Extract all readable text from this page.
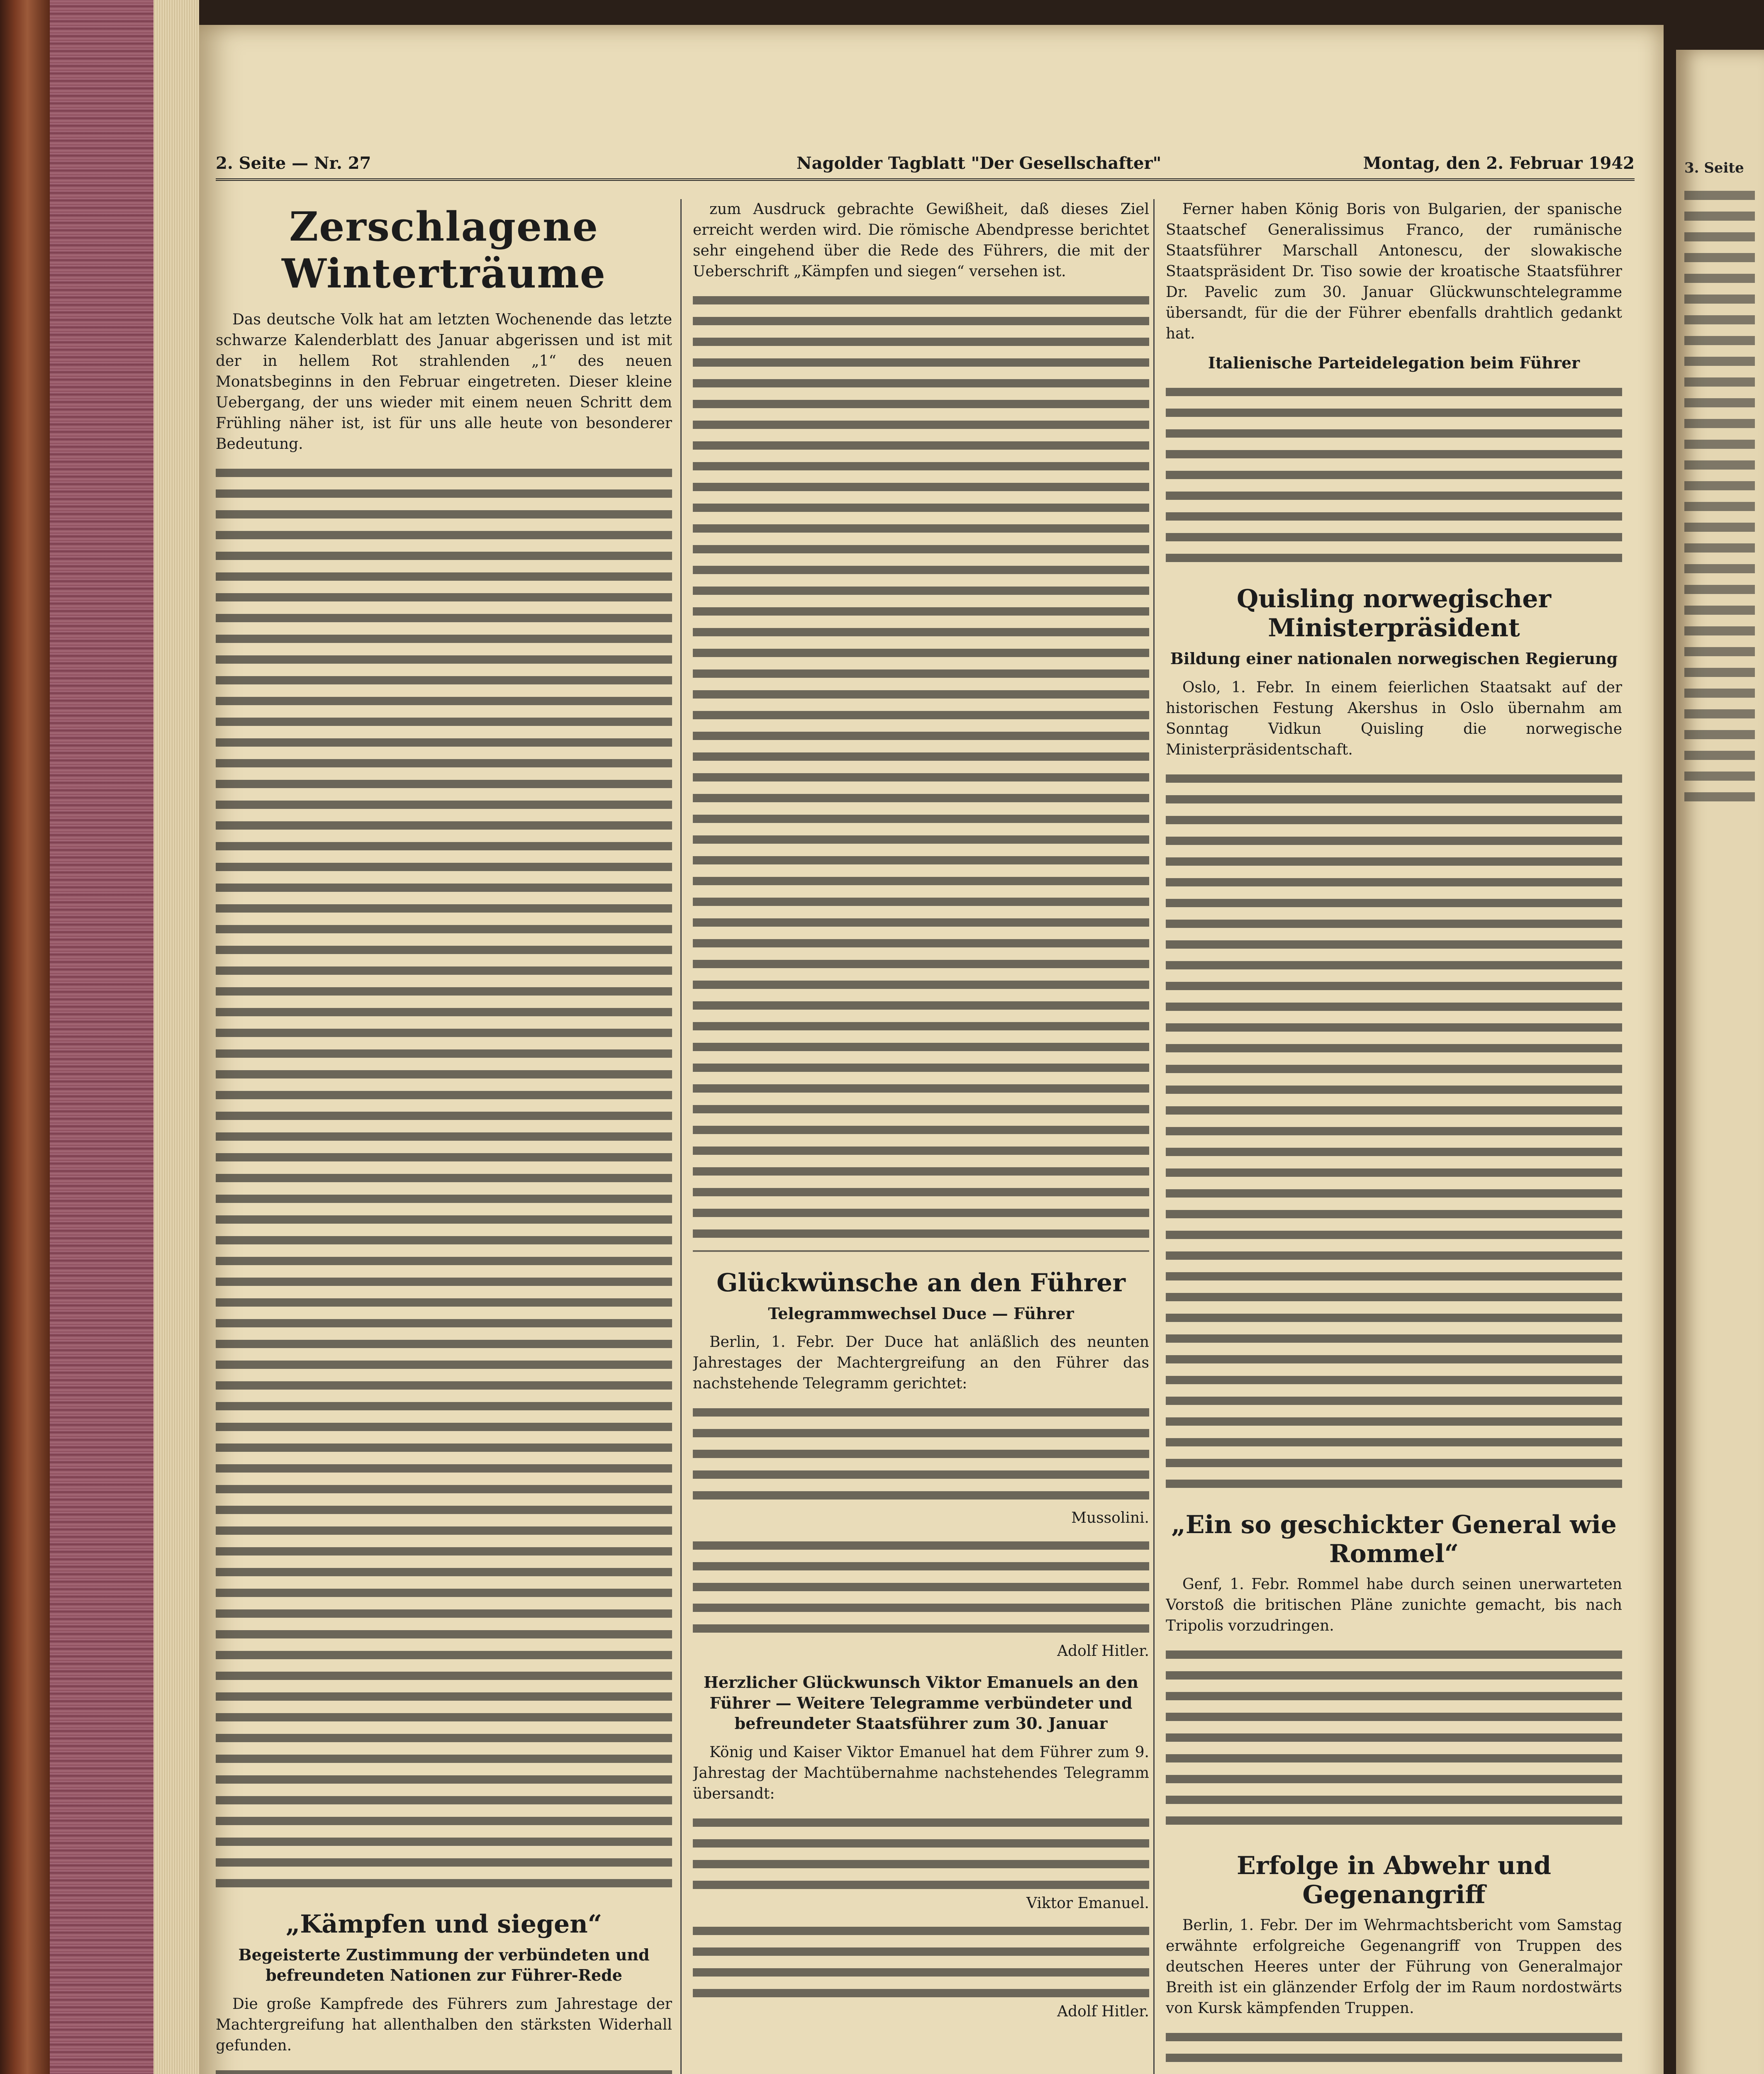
2. Seite — Nr. 27	Nagolder Tagblatt "Der Gesellschafter"	Montag, den 2. Februar 1942
Zerschlagene Winterträume
Das deutsche Volk hat am letzten Wochenende das letzte schwarze Kalenderblatt des Januar abgerissen und ist mit der in hellem Rot strahlenden „1“ des neuen Monatsbeginns in den Februar eingetreten. Dieser kleine Uebergang, der uns wieder mit einem neuen Schritt dem Frühling näher ist, ist für uns alle heute von besonderer Bedeutung.
„Kämpfen und siegen“
Begeisterte Zustimmung der verbündeten und befreundeten Nationen zur Führer-Rede
Die große Kampfrede des Führers zum Jahrestage der Machtergreifung hat allenthalben den stärksten Widerhall gefunden.
zum Ausdruck gebrachte Gewißheit, daß dieses Ziel erreicht werden wird. Die römische Abendpresse berichtet sehr eingehend über die Rede des Führers, die mit der Ueberschrift „Kämpfen und siegen“ versehen ist.
Glückwünsche an den Führer
Telegrammwechsel Duce — Führer
Berlin, 1. Febr. Der Duce hat anläßlich des neunten Jahrestages der Machtergreifung an den Führer das nachstehende Telegramm gerichtet:
Mussolini.
Adolf Hitler.
Herzlicher Glückwunsch Viktor Emanuels an den Führer — Weitere Telegramme verbündeter und befreundeter Staatsführer zum 30. Januar
König und Kaiser Viktor Emanuel hat dem Führer zum 9. Jahrestag der Machtübernahme nachstehendes Telegramm übersandt:
Viktor Emanuel.
Adolf Hitler.
Ferner haben König Boris von Bulgarien, der spanische Staatschef Generalissimus Franco, der rumänische Staatsführer Marschall Antonescu, der slowakische Staatspräsident Dr. Tiso sowie der kroatische Staatsführer Dr. Pavelic zum 30. Januar Glückwunschtelegramme übersandt, für die der Führer ebenfalls drahtlich gedankt hat.
Italienische Parteidelegation beim Führer
Quisling norwegischer Ministerpräsident
Bildung einer nationalen norwegischen Regierung
Oslo, 1. Febr. In einem feierlichen Staatsakt auf der historischen Festung Akershus in Oslo übernahm am Sonntag Vidkun Quisling die norwegische Ministerpräsidentschaft.
„Ein so geschickter General wie Rommel“
Genf, 1. Febr. Rommel habe durch seinen unerwarteten Vorstoß die britischen Pläne zunichte gemacht, bis nach Tripolis vorzudringen.
Erfolge in Abwehr und Gegenangriff
Berlin, 1. Febr. Der im Wehrmachtsbericht vom Samstag erwähnte erfolgreiche Gegenangriff von Truppen des deutschen Heeres unter der Führung von Generalmajor Breith ist ein glänzender Erfolg der im Raum nordostwärts von Kursk kämpfenden Truppen.
3. Seite
